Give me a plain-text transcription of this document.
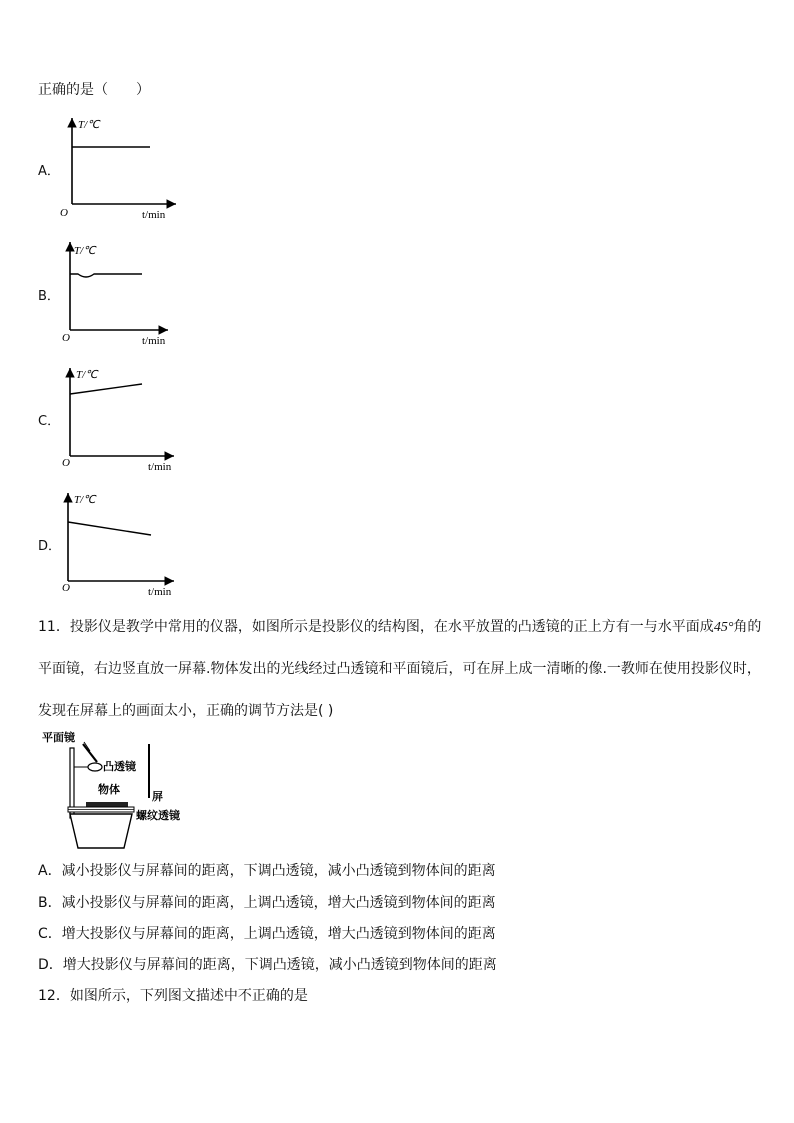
正确的是（　　）
A．
T/℃
O	t/min
B．
T/℃
O	t/min
C．
T/℃
O	t/min
D．
T/℃
O	t/min
11．投影仪是教学中常用的仪器，如图所示是投影仪的结构图，在水平放置的凸透镜的正上方有一与水平面成45°角的
平面镜，右边竖直放一屏幕.物体发出的光线经过凸透镜和平面镜后，可在屏上成一清晰的像.一教师在使用投影仪时，
发现在屏幕上的画面太小，正确的调节方法是( )
平面镜
凸透镜
物体
屏
螺纹透镜
A．减小投影仪与屏幕间的距离，下调凸透镜，减小凸透镜到物体间的距离
B．减小投影仪与屏幕间的距离，上调凸透镜，增大凸透镜到物体间的距离
C．增大投影仪与屏幕间的距离，上调凸透镜，增大凸透镜到物体间的距离
D．增大投影仪与屏幕间的距离，下调凸透镜，减小凸透镜到物体间的距离
12．如图所示，下列图文描述中不正确的是
